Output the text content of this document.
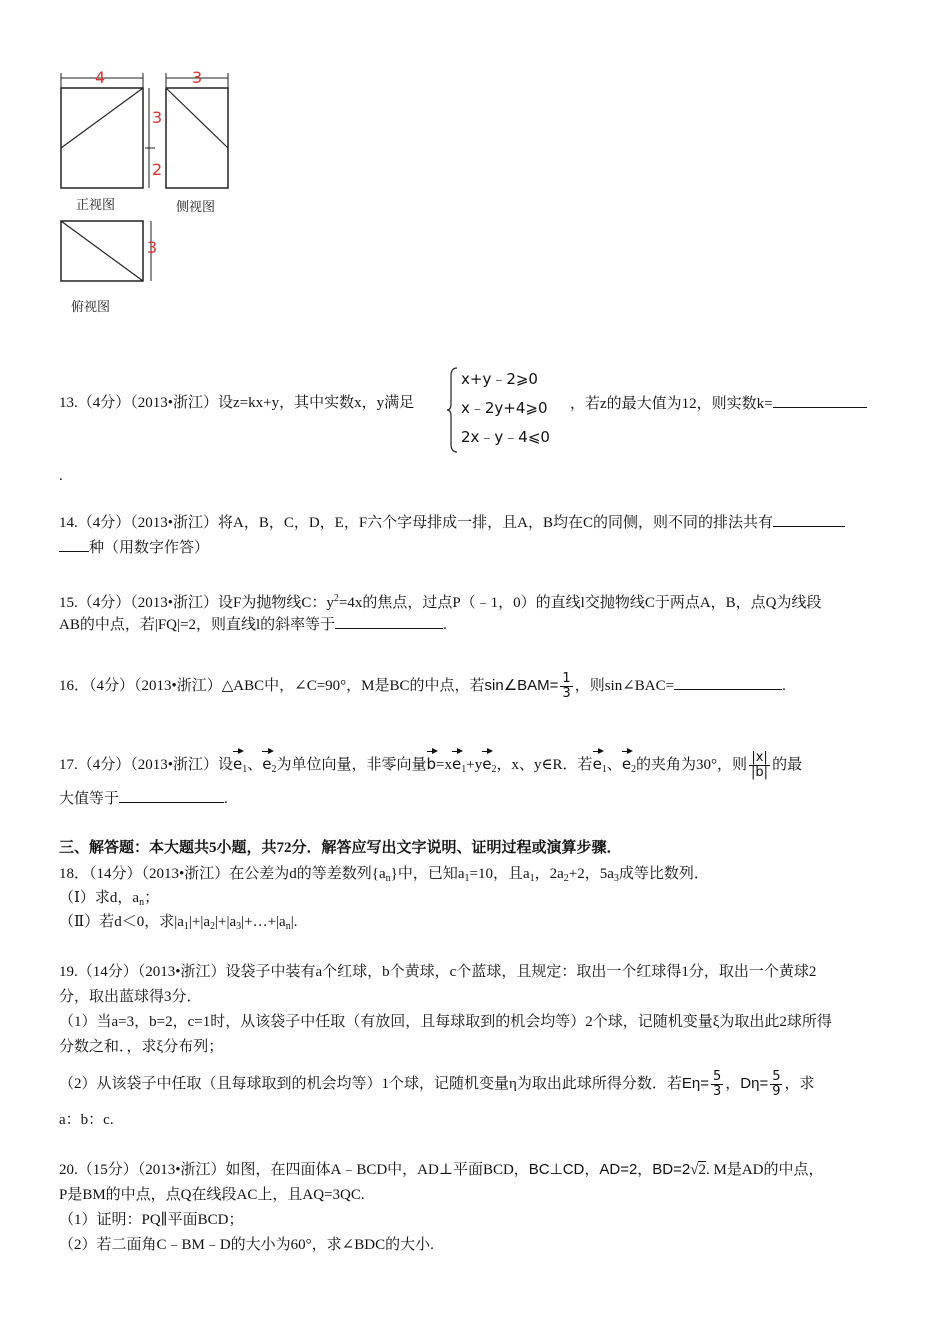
4
3
2
正视图
3
侧视图
3
俯视图
13.（4分）（2013•浙江）设z=kx+y，其中实数x，y满足
x+y﹣2⩾0
x﹣2y+4⩾0
2x﹣y﹣4⩽0
，若z的最大值为12，则实数k=
.
14.（4分）（2013•浙江）将A，B，C，D，E，F六个字母排成一排，且A，B均在C的同侧，则不同的排法共有
种（用数字作答）
15.（4分）（2013•浙江）设F为抛物线C：$y^2=4x$的焦点，过点P（﹣1，0）的直线l交抛物线C于两点A，B，点Q为线段
AB的中点，若|FQ|=2，则直线l的斜率等于	.
16．（4分）（2013•浙江）△ABC中，∠C=90°，M是BC的中点，若sin∠BAM= $\frac{1}{3}$ ，则sin∠BAC=	.
17.（4分）（2013•浙江）设$e_1$、$e_2$为单位向量，非零向量$b=xe_1+ye_2$，x、y∈R．若$e_1$、$e_2$的夹角为30°，则 $\frac{|x|}{|b|}$ 的最
大值等于	.
三、解答题：本大题共5小题，共72分．解答应写出文字说明、证明过程或演算步骤．
18．（14分）（2013•浙江）在公差为d的等差数列$\{a_n\}$中，已知$a_1=10$，且$a_1$，$2a_2+2$，$5a_3$成等比数列．
（Ⅰ）求d，$a_n$；
（Ⅱ）若d＜0，求$|a_1|+|a_2|+|a_3|+\dots+|a_n|$.
19.（14分）（2013•浙江）设袋子中装有a个红球，b个黄球，c个蓝球，且规定：取出一个红球得1分，取出一个黄球2
分，取出蓝球得3分．
（1）当a=3，b=2，c=1时，从该袋子中任取（有放回，且每球取到的机会均等）2个球，记随机变量ξ为取出此2球所得
分数之和．，求ξ分布列；
（2）从该袋子中任取（且每球取到的机会均等）1个球，记随机变量η为取出此球所得分数．若$E\eta= \frac{5}{3}$ ，$D\eta= \frac{5}{9}$ ，求
a：b：c.
20.（15分）（2013•浙江）如图，在四面体A﹣BCD中，AD⊥平面BCD，BC⊥CD，AD=2，BD=2√2. M是AD的中点，
P是BM的中点，点Q在线段AC上，且AQ=3QC.
（1）证明：PQ∥平面BCD；
（2）若二面角C﹣BM﹣D的大小为60°，求∠BDC的大小.
